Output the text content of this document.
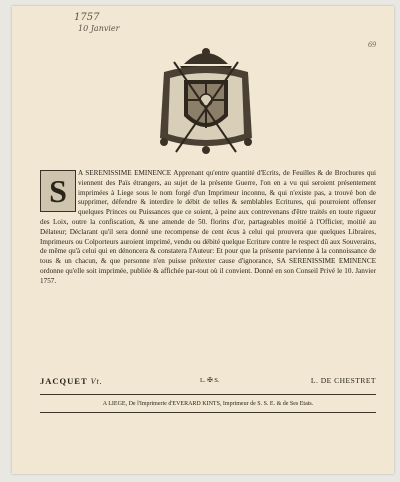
1757
10 Janvier
69
S	A SERENISSIME EMINENCE Apprenant qu'entre quantité d'Ecrits, de Feuilles & de Brochures qui viennent des Païs étrangers, au sujet de la présente Guerre, l'on en a vu qui seroient présentement imprimées à Liege sous le nom forgé d'un Imprimeur inconnu, & qui n'existe pas, a trouvé bon de supprimer, défendre & interdire le débit de telles & semblables Ecritures, qui pourroient offenser quelques Princes ou Puissances que ce soient, à peine aux contrevenans d'être traités en toute rigueur des Loix, outre la confiscation, & une amende de 50. florins d'or, partageables moitié à l'Officier, moitié au Délateur; Déclarant qu'il sera donné une recompense de cent écus à celui qui prouvera que quelques Libraires, Imprimeurs ou Colporteurs auroient imprimé, vendu ou débité quelque Ecriture contre le respect dû aux Souverains, de même qu'à celui qui en dénoncera & constatera l'Auteur: Et pour que la présente parvienne à la connoissance de tous & un chacun, & que personne n'en puisse prétexter cause d'ignorance, SA SERENISSIME EMINENCE ordonne qu'elle soit imprimée, publiée & affichée par-tout où il convient. Donné en son Conseil Privé le 10. Janvier 1757.
JACQUET Vt.	L. ✠ S.	L. DE CHESTRET
A LIEGE, De l'Imprimerie d'EVERARD KINTS, Imprimeur de S. S. E. & de Ses Etats.
